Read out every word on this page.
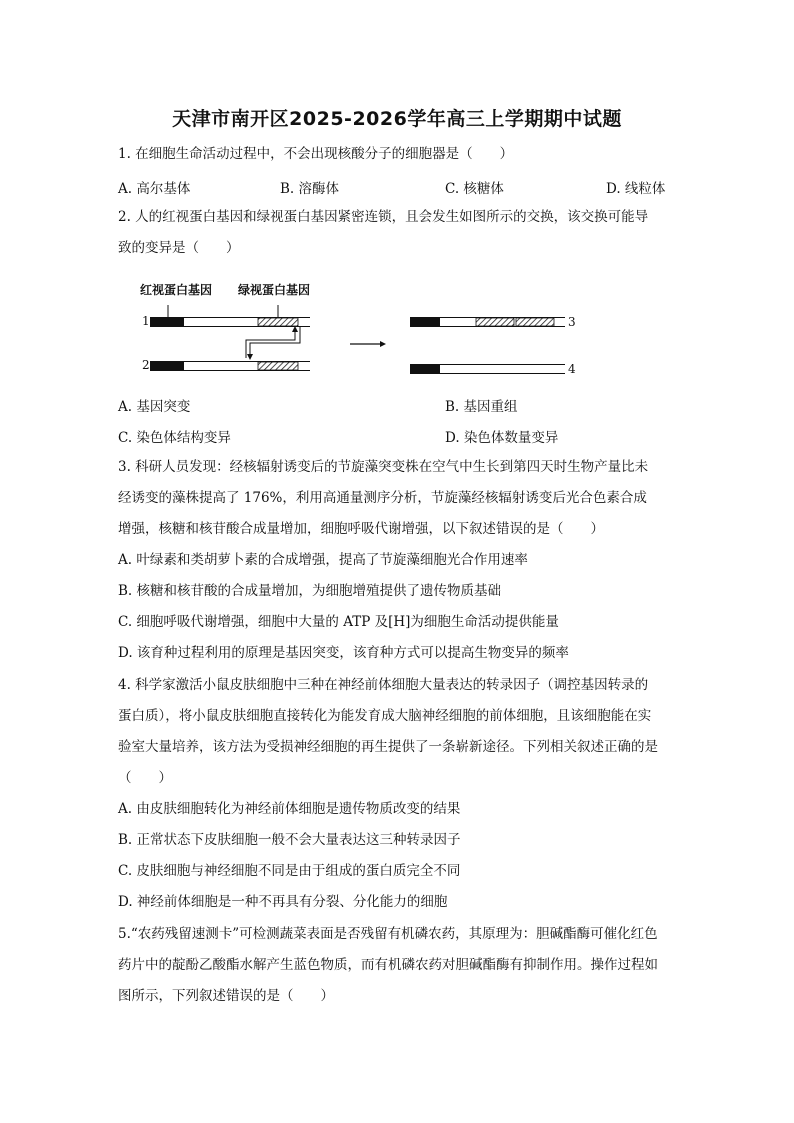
天津市南开区2025-2026学年高三上学期期中试题
1. 在细胞生命活动过程中，不会出现核酸分子的细胞器是（　　）
A. 高尔基体	B. 溶酶体	C. 核糖体	D. 线粒体
2. 人的红视蛋白基因和绿视蛋白基因紧密连锁，且会发生如图所示的交换，该交换可能导
致的变异是（　　）
红视蛋白基因 绿视蛋白基因
1
2
3
4
A. 基因突变	B. 基因重组
C. 染色体结构变异	D. 染色体数量变异
3. 科研人员发现：经核辐射诱变后的节旋藻突变株在空气中生长到第四天时生物产量比未
经诱变的藻株提高了 176%，利用高通量测序分析，节旋藻经核辐射诱变后光合色素合成
增强，核糖和核苷酸合成量增加，细胞呼吸代谢增强，以下叙述错误的是（　　）
A. 叶绿素和类胡萝卜素的合成增强，提高了节旋藻细胞光合作用速率
B. 核糖和核苷酸的合成量增加，为细胞增殖提供了遗传物质基础
C. 细胞呼吸代谢增强，细胞中大量的 ATP 及[H]为细胞生命活动提供能量
D. 该育种过程利用的原理是基因突变，该育种方式可以提高生物变异的频率
4. 科学家激活小鼠皮肤细胞中三种在神经前体细胞大量表达的转录因子（调控基因转录的
蛋白质），将小鼠皮肤细胞直接转化为能发育成大脑神经细胞的前体细胞，且该细胞能在实
验室大量培养，该方法为受损神经细胞的再生提供了一条崭新途径。下列相关叙述正确的是
（　　）
A. 由皮肤细胞转化为神经前体细胞是遗传物质改变的结果
B. 正常状态下皮肤细胞一般不会大量表达这三种转录因子
C. 皮肤细胞与神经细胞不同是由于组成的蛋白质完全不同
D. 神经前体细胞是一种不再具有分裂、分化能力的细胞
5.“农药残留速测卡”可检测蔬菜表面是否残留有机磷农药，其原理为：胆碱酯酶可催化红色
药片中的靛酚乙酸酯水解产生蓝色物质，而有机磷农药对胆碱酯酶有抑制作用。操作过程如
图所示，下列叙述错误的是（　　）
